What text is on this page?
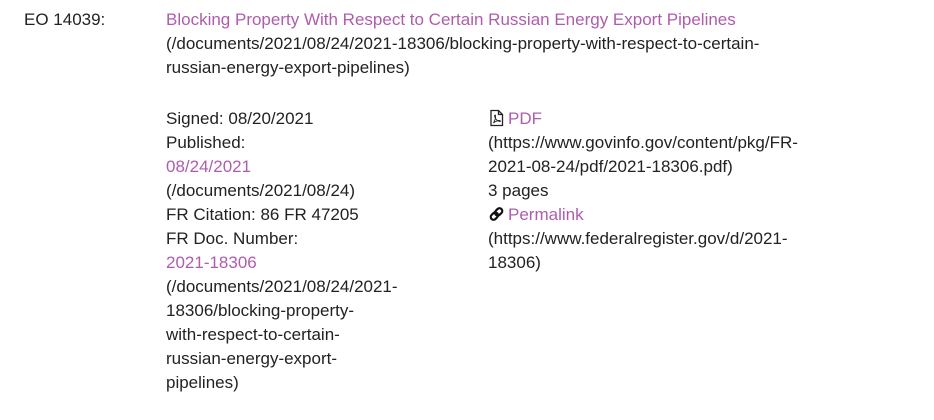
EO 14039:	Blocking Property With Respect to Certain Russian Energy Export Pipelines
(/documents/2021/08/24/2021-18306/blocking-property-with-respect-to-certain-russian-energy-export-pipelines)
Signed: 08/20/2021
Published:
08/24/2021
(/documents/2021/08/24)
FR Citation: 86 FR 47205
FR Doc. Number:
2021-18306
(/documents/2021/08/24/2021-18306/blocking-property-with-respect-to-certain-russian-energy-export-pipelines)
PDF
(https://www.govinfo.gov/content/pkg/FR-2021-08-24/pdf/2021-18306.pdf)
3 pages
Permalink
(https://www.federalregister.gov/d/2021-18306)
